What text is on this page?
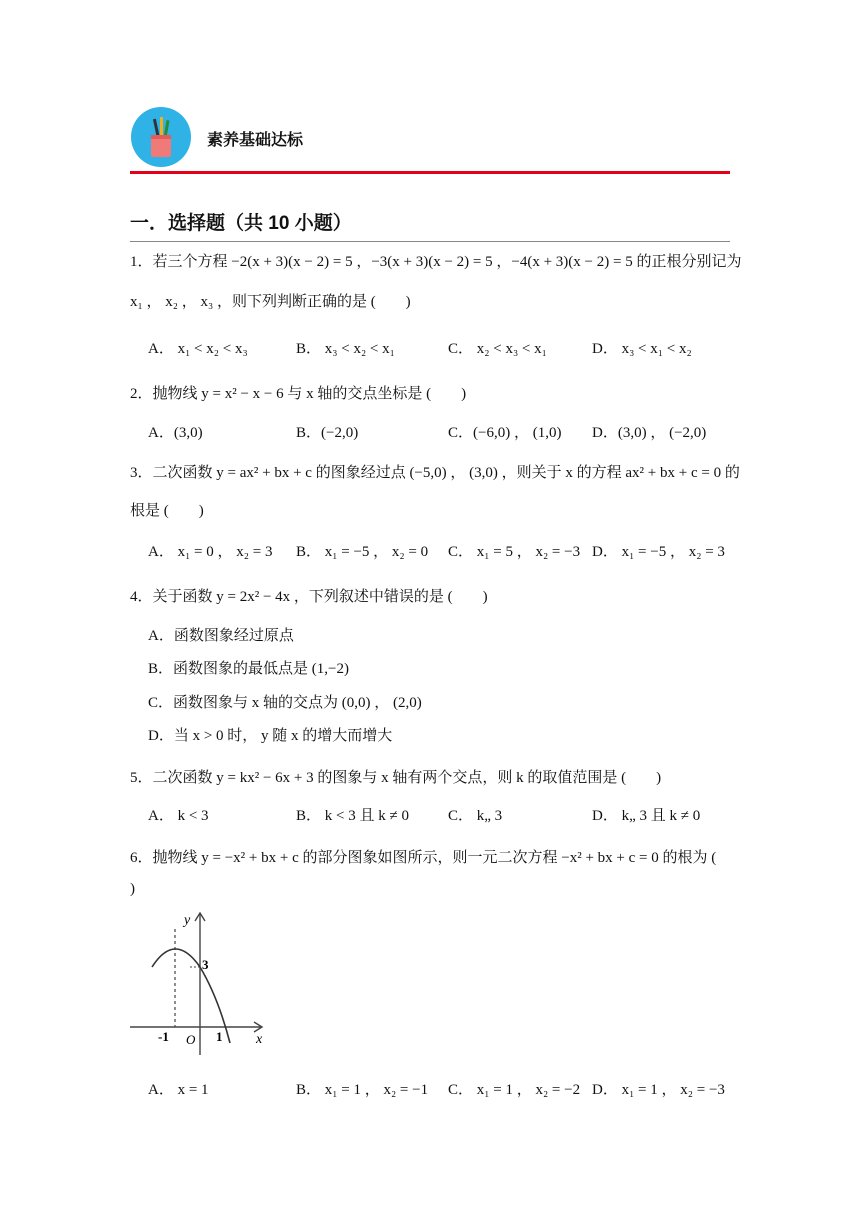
素养基础达标
一．选择题（共 10 小题）
1．若三个方程 −2(x + 3)(x − 2) = 5 ，−3(x + 3)(x − 2) = 5 ，−4(x + 3)(x − 2) = 5 的正根分别记为
x₁ ， x₂ ， x₃ ，则下列判断正确的是 (　　)
A． x₁ < x₂ < x₃	B． x₃ < x₂ < x₁	C． x₂ < x₃ < x₁	D． x₃ < x₁ < x₂
2．抛物线 y = x² − x − 6 与 x 轴的交点坐标是 (　　)
A．(3,0)	B．(−2,0)	C．(−6,0) ， (1,0) D．(3,0) ， (−2,0)
3．二次函数 y = ax² + bx + c 的图象经过点 (−5,0) ， (3,0) ，则关于 x 的方程 ax² + bx + c = 0 的
根是 (　　)
A． x₁ = 0 ， x₂ = 3 B． x₁ = −5 ， x₂ = 0 C． x₁ = 5 ， x₂ = −3 D． x₁ = −5 ， x₂ = 3
4．关于函数 y = 2x² − 4x ，下列叙述中错误的是 (　　)
A．函数图象经过原点
B．函数图象的最低点是 (1,−2)
C．函数图象与 x 轴的交点为 (0,0) ， (2,0)
D．当 x > 0 时， y 随 x 的增大而增大
5．二次函数 y = kx² − 6x + 3 的图象与 x 轴有两个交点，则 k 的取值范围是 (　　)
A． k < 3	B． k < 3 且 k ≠ 0	C． k„ 3	D． k„ 3 且 k ≠ 0
6．抛物线 y = −x² + bx + c 的部分图象如图所示，则一元二次方程 −x² + bx + c = 0 的根为 (
)
y
x
O
3
-1	1
A． x = 1	B． x₁ = 1 ， x₂ = −1 C． x₁ = 1 ， x₂ = −2 D． x₁ = 1 ， x₂ = −3
